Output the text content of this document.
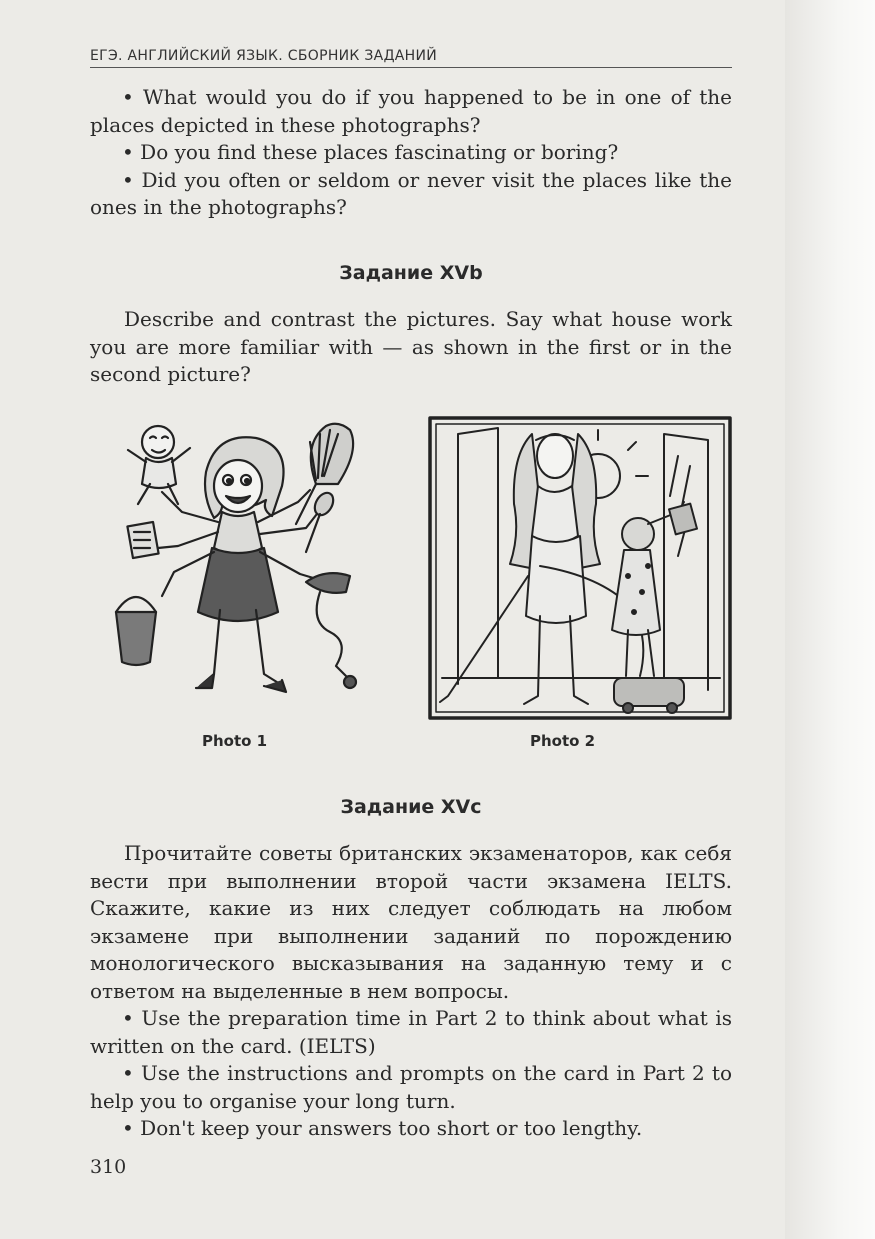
ЕГЭ. АНГЛИЙСКИЙ ЯЗЫК. СБОРНИК ЗАДАНИЙ

• What would you do if you happened to be in one of the places depicted in these photographs?

• Do you find these places fascinating or boring?

• Did you often or seldom or never visit the places like the ones in the photographs?

Задание XVb

Describe and contrast the pictures. Say what house work you are more familiar with — as shown in the first or in the second picture?

Photo 1	Photo 2
Задание XVc

Прочитайте советы британских экзаменаторов, как себя вести при выполнении второй части экзамена IELTS. Скажите, какие из них следует соблюдать на любом экзамене при выполнении заданий по порождению монологического высказывания на заданную тему и с ответом на выделенные в нем вопросы.

• Use the preparation time in Part 2 to think about what is written on the card. (IELTS)

• Use the instructions and prompts on the card in Part 2 to help you to organise your long turn.

• Don't keep your answers too short or too lengthy.

310
